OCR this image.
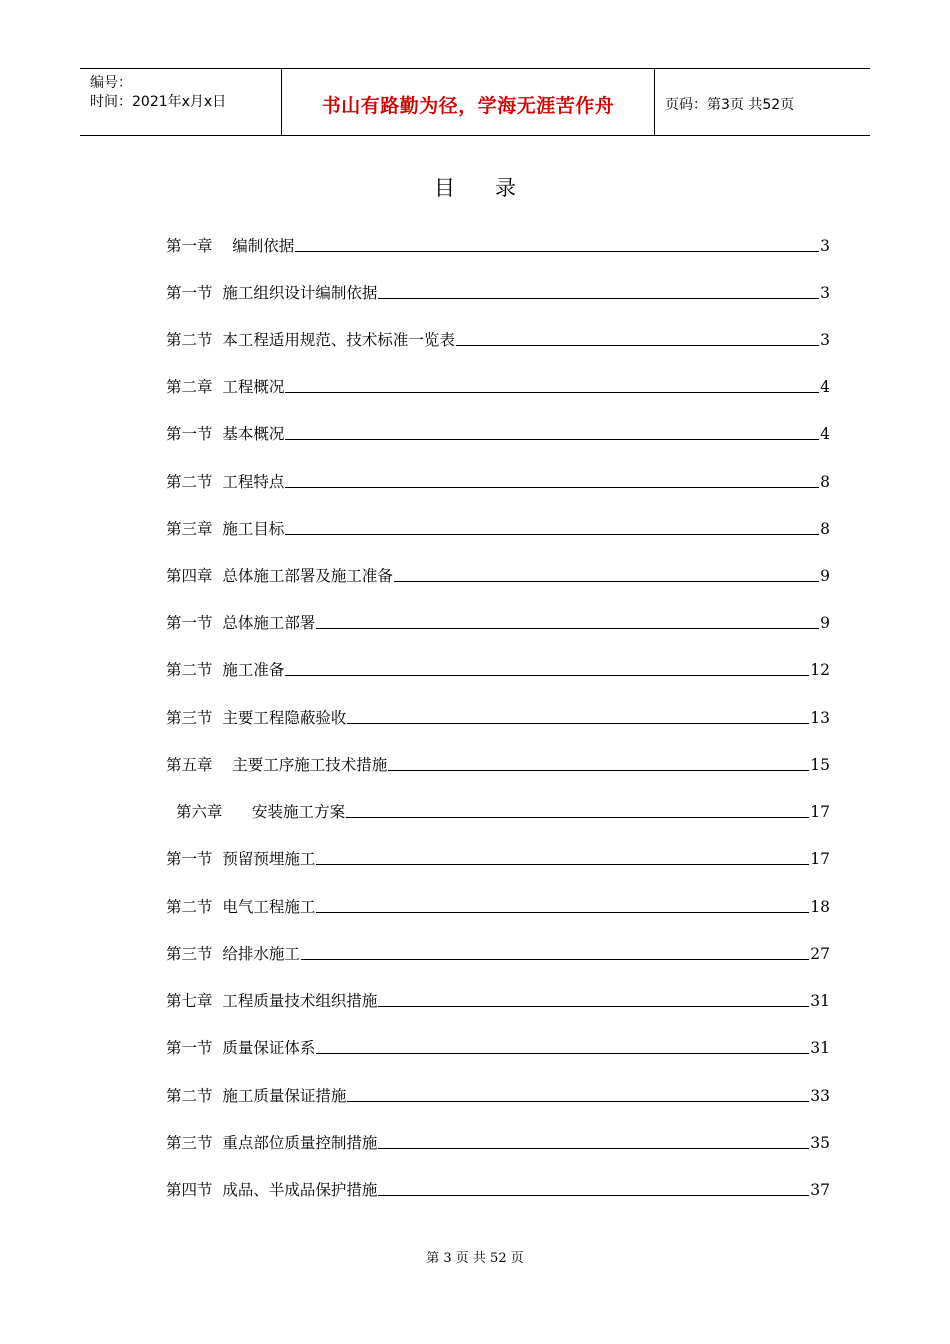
编号：
时间：2021年x月x日	书山有路勤为径，学海无涯苦作舟	页码：第3页 共52页
目录
第一章    编制依据	3
第一节  施工组织设计编制依据	3
第二节  本工程适用规范、技术标准一览表	3
第二章  工程概况	4
第一节  基本概况	4
第二节  工程特点	8
第三章  施工目标	8
第四章  总体施工部署及施工准备	9
第一节  总体施工部署	9
第二节  施工准备	12
第三节  主要工程隐蔽验收	13
第五章    主要工序施工技术措施	15
第六章      安装施工方案	17
第一节  预留预埋施工	17
第二节  电气工程施工	18
第三节  给排水施工	27
第七章  工程质量技术组织措施	31
第一节  质量保证体系	31
第二节  施工质量保证措施	33
第三节  重点部位质量控制措施	35
第四节  成品、半成品保护措施	37
第 3 页 共 52 页
